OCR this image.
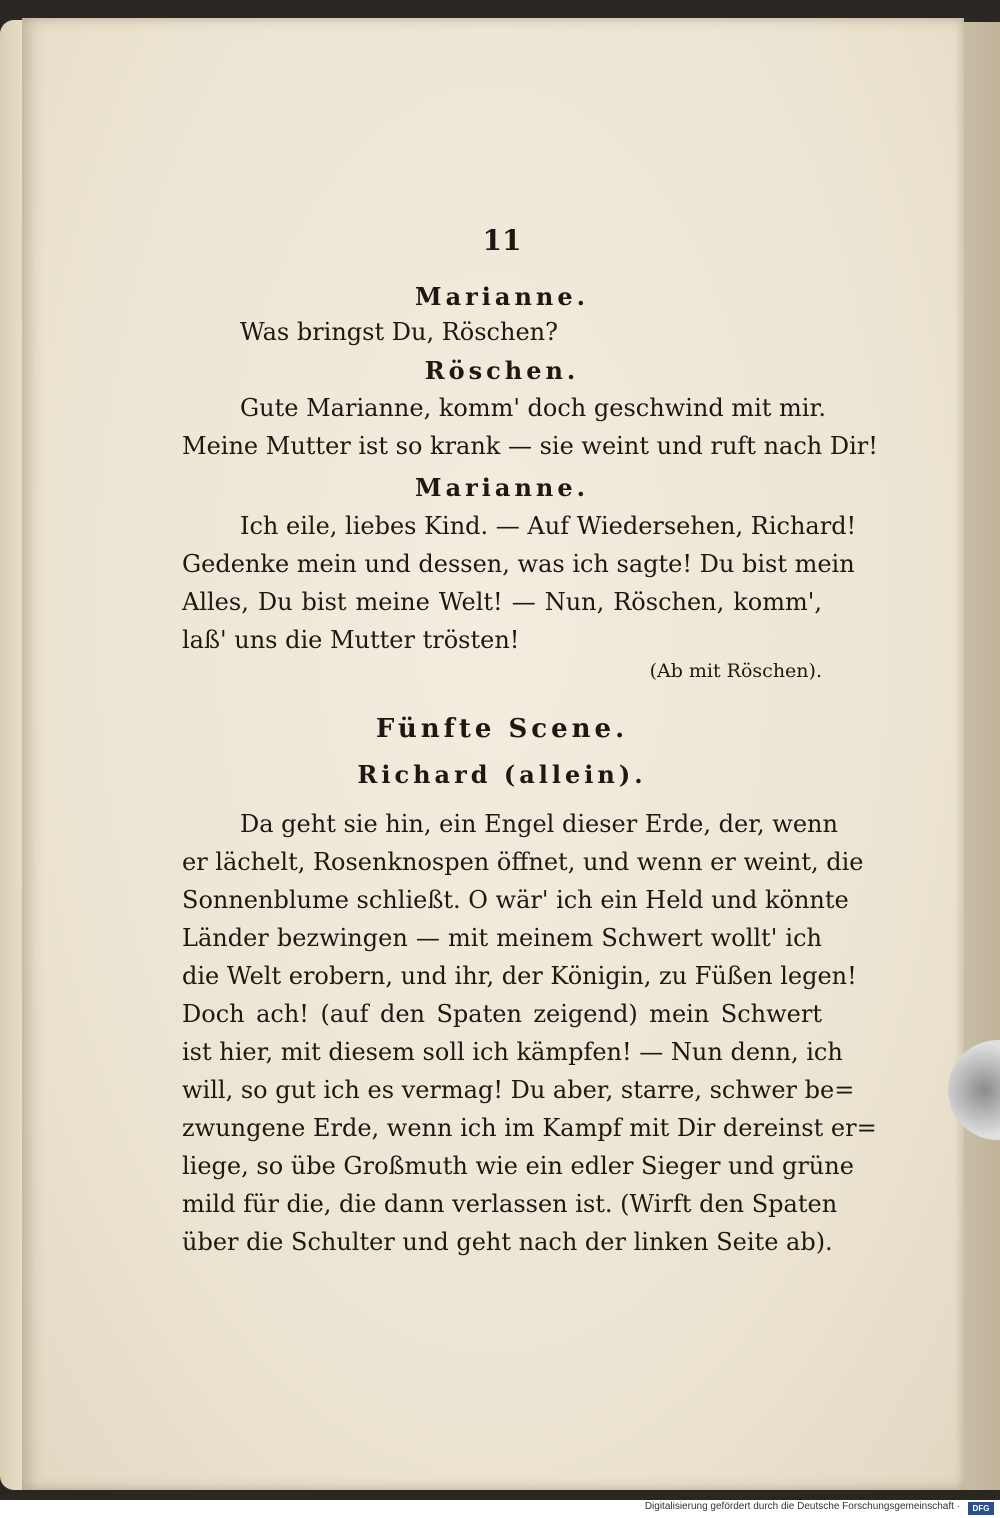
11
Marianne.
Was bringst Du, Röschen?
Röschen.
Gute Marianne, komm' doch geschwind mit mir.
Meine Mutter ist so krank — sie weint und ruft nach Dir!
Marianne.
Ich eile, liebes Kind. — Auf Wiedersehen, Richard!
Gedenke mein und dessen, was ich sagte! Du bist mein
Alles, Du bist meine Welt! — Nun, Röschen, komm',
laß' uns die Mutter trösten!
(Ab mit Röschen).
Fünfte Scene.
Richard (allein).
Da geht sie hin, ein Engel dieser Erde, der, wenn
er lächelt, Rosenknospen öffnet, und wenn er weint, die
Sonnenblume schließt. O wär' ich ein Held und könnte
Länder bezwingen — mit meinem Schwert wollt' ich
die Welt erobern, und ihr, der Königin, zu Füßen legen!
Doch ach! (auf den Spaten zeigend) mein Schwert
ist hier, mit diesem soll ich kämpfen! — Nun denn, ich
will, so gut ich es vermag! Du aber, starre, schwer be=
zwungene Erde, wenn ich im Kampf mit Dir dereinst er=
liege, so übe Großmuth wie ein edler Sieger und grüne
mild für die, die dann verlassen ist. (Wirft den Spaten
über die Schulter und geht nach der linken Seite ab).
Digitalisierung gefördert durch die Deutsche Forschungsgemeinschaft ·	DFG
